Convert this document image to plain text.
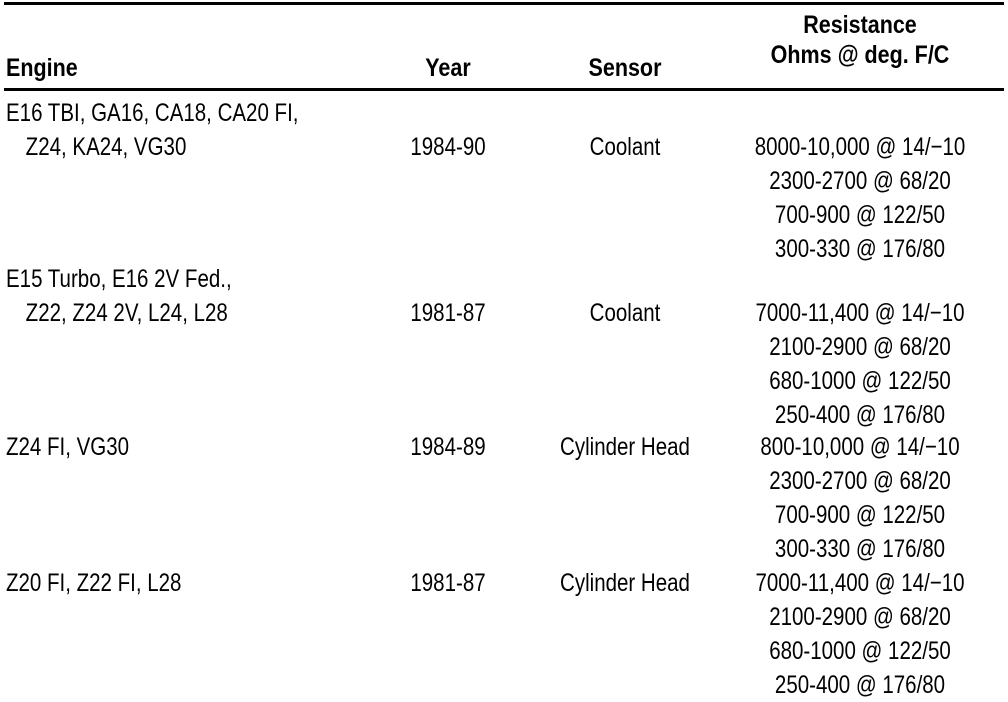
Engine	Year	Sensor
Resistance
Ohms @ deg. F/C
E16 TBI, GA16, CA18, CA20 FI,
Z24, KA24, VG30	1984-90	Coolant	8000-10,000 @ 14/−10
2300-2700 @ 68/20
700-900 @ 122/50
300-330 @ 176/80
E15 Turbo, E16 2V Fed.,
Z22, Z24 2V, L24, L28	1981-87	Coolant	7000-11,400 @ 14/−10
2100-2900 @ 68/20
680-1000 @ 122/50
250-400 @ 176/80
Z24 FI, VG30	1984-89	Cylinder Head	800-10,000 @ 14/−10
2300-2700 @ 68/20
700-900 @ 122/50
300-330 @ 176/80
Z20 FI, Z22 FI, L28	1981-87	Cylinder Head	7000-11,400 @ 14/−10
2100-2900 @ 68/20
680-1000 @ 122/50
250-400 @ 176/80
